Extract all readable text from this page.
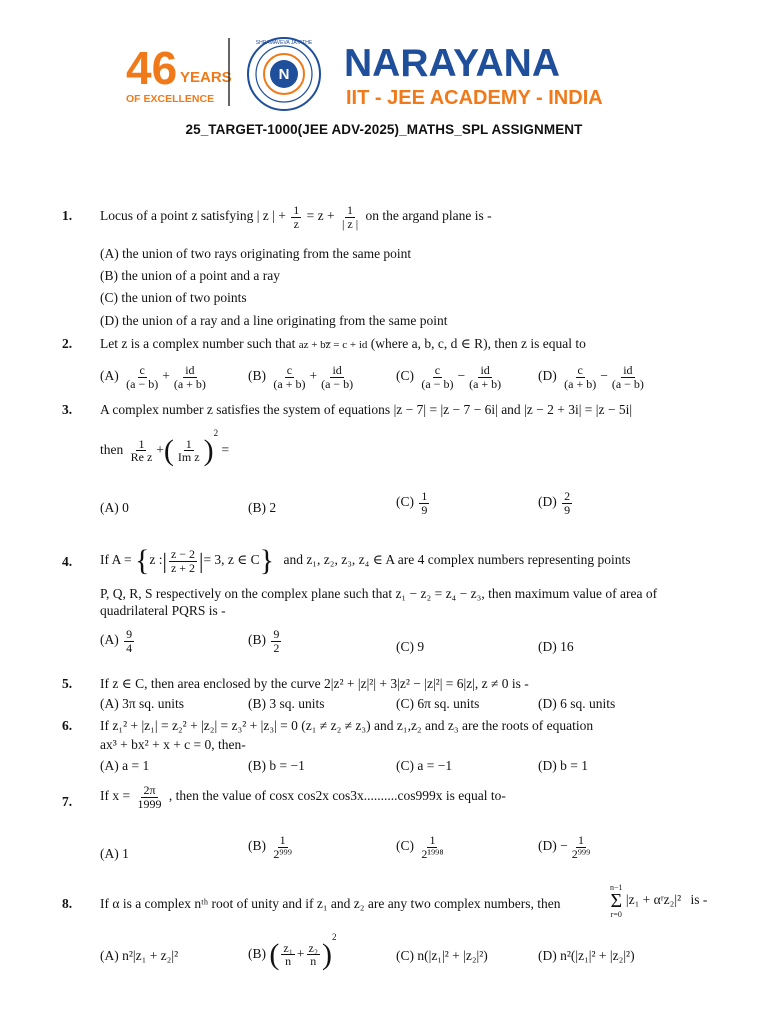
46 YEARS
OF EXCELLENCE
N
SHRAMAVEVA JAYATHE NARAYANA
IIT - JEE ACADEMY - INDIA
25_TARGET-1000(JEE ADV-2025)_MATHS_SPL ASSIGNMENT
1. Locus of a point z satisfying | z | + $\frac{1}{z} = z + \frac{1}{| z |}$ on the argand plane is -
(A) the union of two rays originating from the same point
(B) the union of a point and a ray
(C) the union of two points
(D) the union of a ray and a line originating from the same point
2. Let z is a complex number such that az + bz̅ = c + id (where a, b, c, d ∈ R), then z is equal to
$(A) \frac{c}{(a - b)} + \frac{id}{(a + b)}$	$(B) \frac{c}{(a + b)} + \frac{id}{(a - b)}$	$(C) \frac{c}{(a - b)} - \frac{id}{(a + b)}$	$(D) \frac{c}{(a + b)} - \frac{id}{(a - b)}$
3. A complex number z satisfies the system of equations |z − 7| = |z − 7 − 6i| and |z − 2 + 3i| = |z − 5i|
then $\frac{1}{\text{Re z}}$ +( $\frac{1}{\text{Im z}} )^2$ =
(A) 0	(B) 2	$(C) \frac{1}{9}$	$(D) \frac{2}{9}$
4. If A = {z :| $\frac{z - 2}{z + 2}$ |= 3, z ∈ C} and z₁, z₂, z₃, z₄ ∈ A are 4 complex numbers representing points
P, Q, R, S respectively on the complex plane such that z₁ − z₂ = z₄ − z₃, then maximum value of area of
quadrilateral PQRS is -
$(A) \frac{9}{4}$	$(B) \frac{9}{2}$	(C) 9	(D) 16
5. If z ∈ C, then area enclosed by the curve 2|z² + |z|²| + 3|z² − |z|²| = 6|z|, z ≠ 0 is -
(A) 3π sq. units	(B) 3 sq. units	(C) 6π sq. units	(D) 6 sq. units
6. If z₁² + |z₁| = z₂² + |z₂| = z₃² + |z₃| = 0 (z₁ ≠ z₂ ≠ z₃) and z₁,z₂ and z₃ are the roots of equation
ax³ + bx² + x + c = 0, then-
(A) a = 1	(B) b = −1	(C) a = −1	(D) b = 1
7. If $x = \frac{2\pi}{1999}$ , then the value of cosx cos2x cos3x..........cos999x is equal to-
(A) 1
$(B) \frac{1}{\text{2⁹⁹⁹}}$	$(C) \frac{1}{\text{2¹⁹⁹⁸}}$	$(D) - \frac{1}{\text{2⁹⁹⁹}}$
8. If α is a complex nᵗʰ root of unity and if z₁ and z₂ are any two complex numbers, then
n−1
Σ
r=0
|z₁ + αʳz₂|² is -
(A) n²|z₁ + z₂|²	(B) ( $\frac{\text{z₁}}{n} + \frac{\text{z₂}}{n} )^2$
(C) n(|z₁|² + |z₂|²)	(D) n²(|z₁|² + |z₂|²)
